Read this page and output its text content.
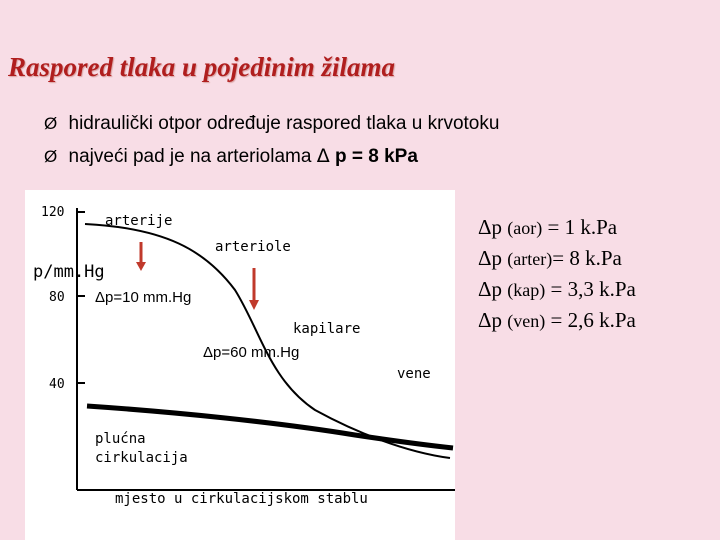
Raspored tlaka u pojedinim žilama
Ø hidraulički otpor određuje raspored tlaka u krvotoku
Ø najveći pad je na arteriolama Δ p = 8 kPa
120
80
40
p/mm.Hg
arterije
arteriole
kapilare
vene
plućna
cirkulacija
mjesto u cirkulacijskom stablu
Δp=10 mm.Hg
Δp=60 mm.Hg
Δp (aor) = 1 k.Pa
Δp (arter)= 8 k.Pa
Δp (kap) = 3,3 k.Pa
Δp (ven) = 2,6 k.Pa
